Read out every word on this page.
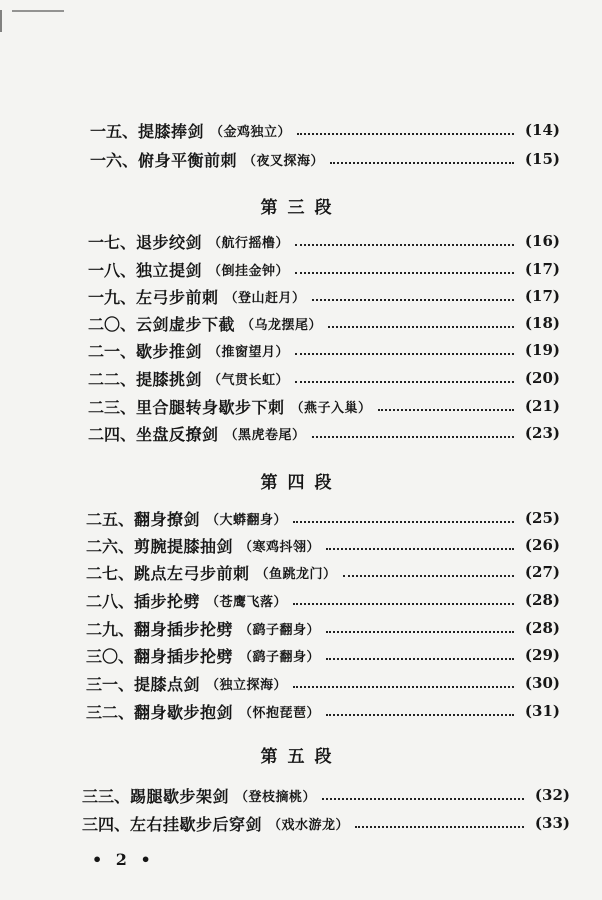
一五、 提膝捧剑 （金鸡独立）	(14)
一六、 俯身平衡前刺 （夜叉探海）	(15)
第三段
一七、 退步绞剑 （航行摇橹）	(16)
一八、 独立提剑 （倒挂金钟）	(17)
一九、 左弓步前刺 （登山赶月）	(17)
二〇、 云剑虚步下截 （乌龙摆尾）	(18)
二一、 歇步推剑 （推窗望月）	(19)
二二、 提膝挑剑 （气贯长虹）	(20)
二三、 里合腿转身歇步下刺 （燕子入巢）	(21)
二四、 坐盘反撩剑 （黑虎卷尾）	(23)
第四段
二五、 翻身撩剑 （大蟒翻身）	(25)
二六、 剪腕提膝抽剑 （寒鸡抖翎）	(26)
二七、 跳点左弓步前刺 （鱼跳龙门）	(27)
二八、 插步抡劈 （苍鹰飞落）	(28)
二九、 翻身插步抡劈 （鹞子翻身）	(28)
三〇、 翻身插步抡劈 （鹞子翻身）	(29)
三一、 提膝点剑 （独立探海）	(30)
三二、 翻身歇步抱剑 （怀抱琵琶）	(31)
第五段
三三、 踢腿歇步架剑 （登枝摘桃）	(32)
三四、 左右挂歇步后穿剑 （戏水游龙）	(33)
• 2 •
